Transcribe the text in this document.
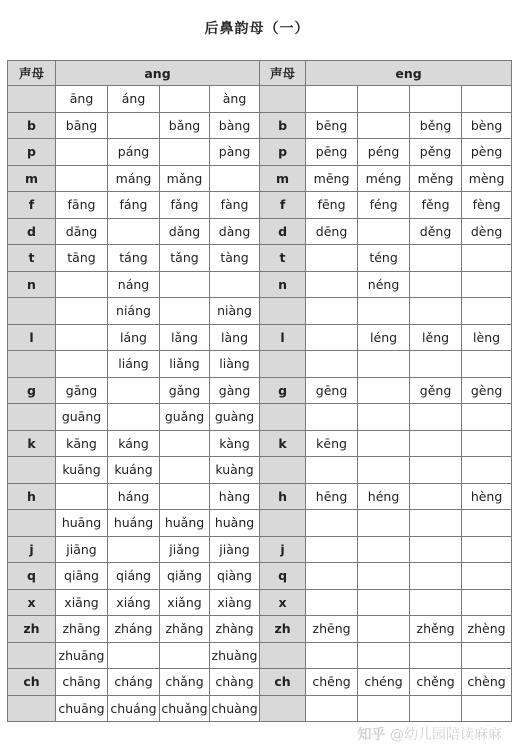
后鼻韵母（一）
声母	ang				声母	eng			
	āng	áng		àng					
b	bāng		bǎng	bàng	b	bēng		běng	bèng
p		páng		pàng	p	pēng	péng	pěng	pèng
m		máng	mǎng		m	mēng	méng	měng	mèng
f	fāng	fáng	fǎng	fàng	f	fēng	féng	fěng	fèng
d	dāng		dǎng	dàng	d	dēng		děng	dèng
t	tāng	táng	tǎng	tàng	t		téng		
n		náng			n		néng		
		niáng		niàng					
l		láng	lǎng	làng	l		léng	lěng	lèng
		liáng	liǎng	liàng					
g	gāng		gǎng	gàng	g	gēng		gěng	gèng
	guāng		guǎng	guàng					
k	kāng	káng		kàng	k	kēng			
	kuāng	kuáng		kuàng					
h		háng		hàng	h	hēng	héng		hèng
	huāng	huáng	huǎng	huàng					
j	jiāng		jiǎng	jiàng	j				
q	qiāng	qiáng	qiǎng	qiàng	q				
x	xiāng	xiáng	xiǎng	xiàng	x				
zh	zhāng	zháng	zhǎng	zhàng	zh	zhēng		zhěng	zhèng
	zhuāng			zhuàng					
ch	chāng	cháng	chǎng	chàng	ch	chēng	chéng	chěng	chèng
	chuāng	chuáng	chuǎng	chuàng					
知乎 @幼儿园陪读麻麻
